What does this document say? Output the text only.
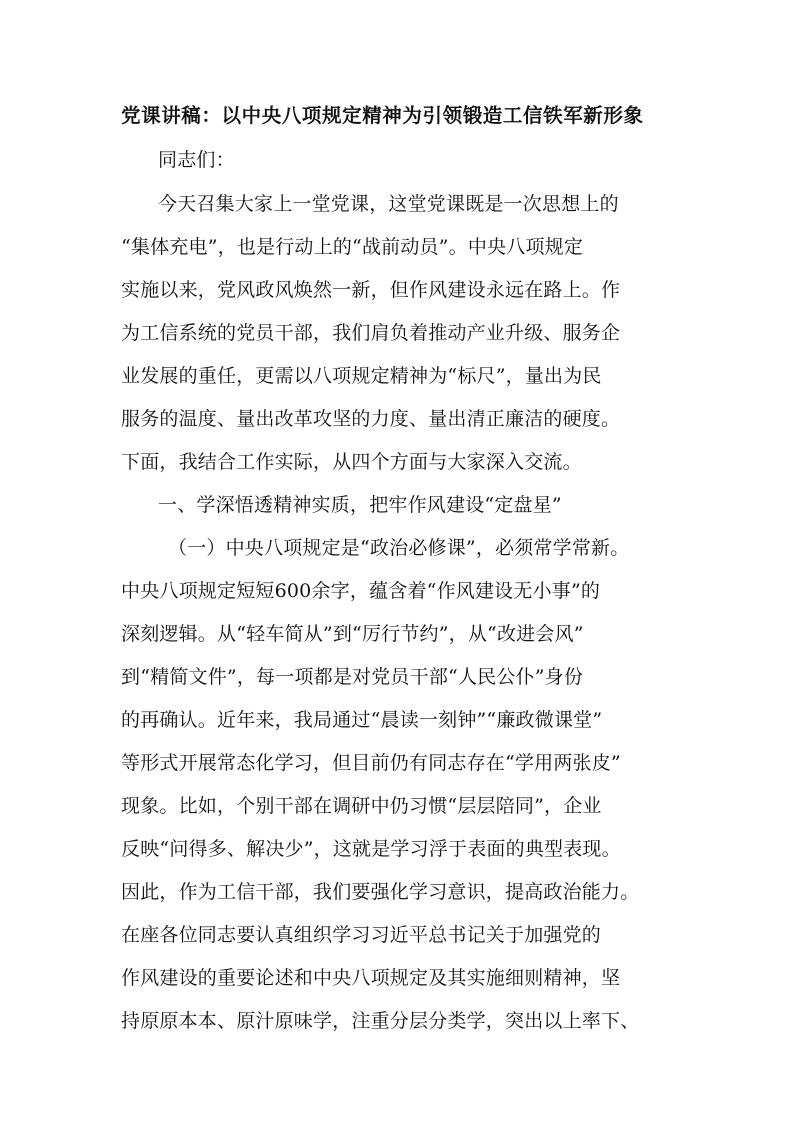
党课讲稿：以中央八项规定精神为引领锻造工信铁军新形象
同志们：
今天召集大家上一堂党课，这堂党课既是一次思想上的
“集体充电”，也是行动上的“战前动员”。中央八项规定
实施以来，党风政风焕然一新，但作风建设永远在路上。作
为工信系统的党员干部，我们肩负着推动产业升级、服务企
业发展的重任，更需以八项规定精神为“标尺”，量出为民
服务的温度、量出改革攻坚的力度、量出清正廉洁的硬度。
下面，我结合工作实际，从四个方面与大家深入交流。
一、学深悟透精神实质，把牢作风建设“定盘星”
（一）中央八项规定是“政治必修课”，必须常学常新。
中央八项规定短短600余字，蕴含着“作风建设无小事”的
深刻逻辑。从“轻车简从”到“厉行节约”，从“改进会风”
到“精简文件”，每一项都是对党员干部“人民公仆”身份
的再确认。近年来，我局通过“晨读一刻钟”“廉政微课堂”
等形式开展常态化学习，但目前仍有同志存在“学用两张皮”
现象。比如，个别干部在调研中仍习惯“层层陪同”，企业
反映“问得多、解决少”，这就是学习浮于表面的典型表现。
因此，作为工信干部，我们要强化学习意识，提高政治能力。
在座各位同志要认真组织学习习近平总书记关于加强党的
作风建设的重要论述和中央八项规定及其实施细则精神，坚
持原原本本、原汁原味学，注重分层分类学，突出以上率下、
